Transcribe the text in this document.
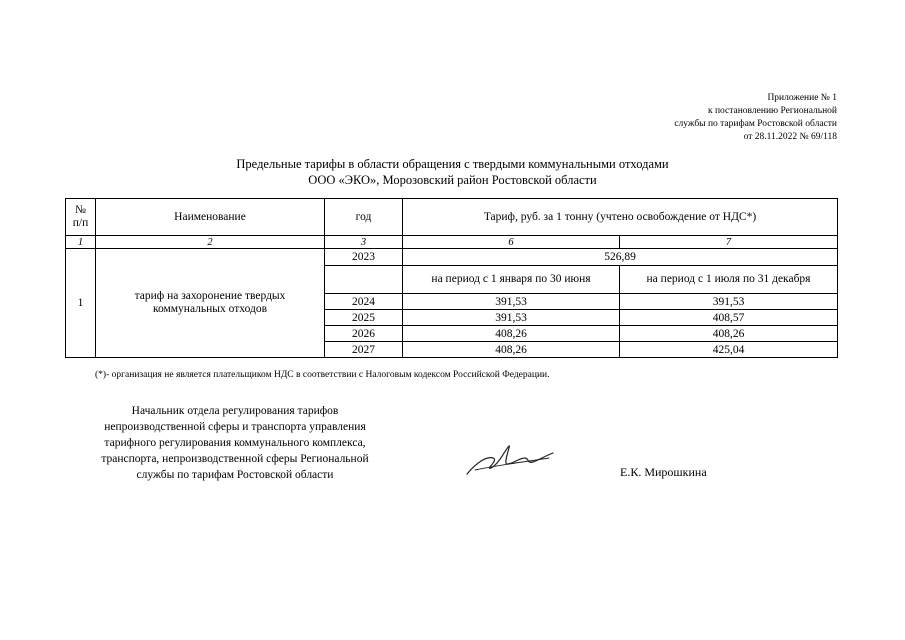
Приложение № 1
к постановлению Региональной
службы по тарифам Ростовской области
от 28.11.2022 № 69/118
Предельные тарифы в области обращения с твердыми коммунальными отходами
ООО «ЭКО», Морозовский район Ростовской области
№ п/п	Наименование	год	Тариф, руб. за 1 тонну (учтено освобождение от НДС*)	
1	2	3	6	7
1	тариф на захоронение твердых коммунальных отходов	2023	526,89	
			на период с 1 января по 30 июня	на период с 1 июля по 31 декабря
		2024	391,53	391,53
		2025	391,53	408,57
		2026	408,26	408,26
		2027	408,26	425,04
(*)- организация не является плательщиком НДС в соответствии с Налоговым кодексом Российской Федерации.
Начальник отдела регулирования тарифов
непроизводственной сферы и транспорта управления
тарифного регулирования коммунального комплекса,
транспорта, непроизводственной сферы Региональной
службы по тарифам Ростовской области	Е.К. Мирошкина
